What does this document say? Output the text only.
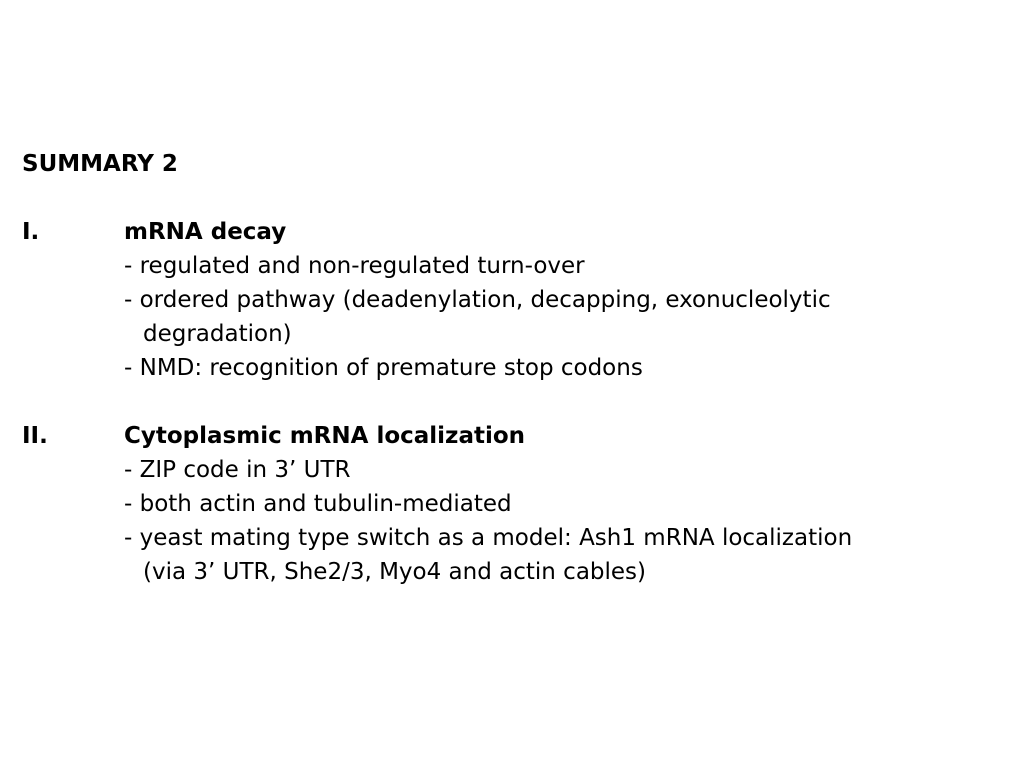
SUMMARY 2
I.	mRNA decay
- regulated and non-regulated turn-over
- ordered pathway (deadenylation, decapping, exonucleolytic
degradation)
- NMD: recognition of premature stop codons
II.	Cytoplasmic mRNA localization
- ZIP code in 3’ UTR
- both actin and tubulin-mediated
- yeast mating type switch as a model: Ash1 mRNA localization
(via 3’ UTR, She2/3, Myo4 and actin cables)
